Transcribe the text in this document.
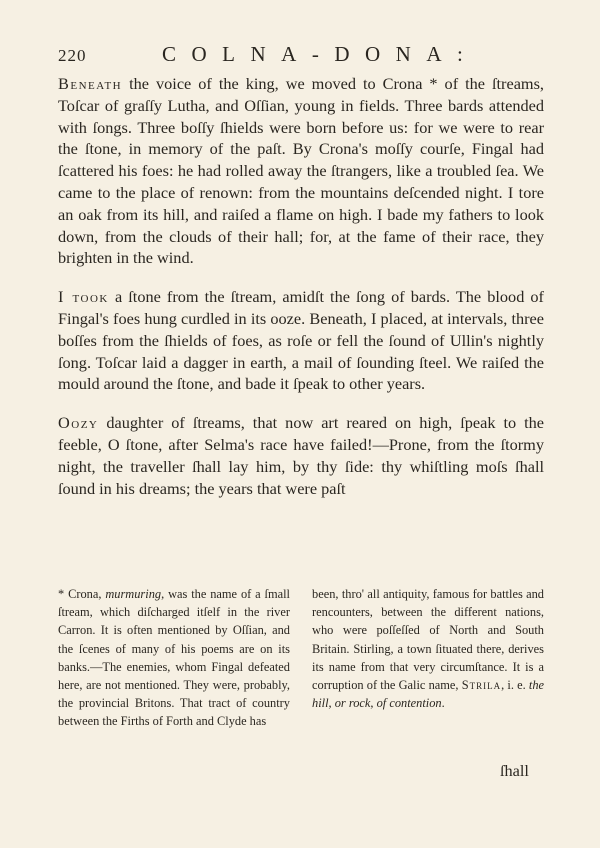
220	COLNA-DONA:

Beneath the voice of the king, we moved to Crona * of the ſtreams, Toſcar of graſſy Lutha, and Oſſian, young in fields. Three bards attended with ſongs. Three boſſy ſhields were born before us: for we were to rear the ſtone, in memory of the paſt. By Crona's moſſy courſe, Fingal had ſcattered his foes: he had rolled away the ſtrangers, like a troubled ſea. We came to the place of renown: from the mountains deſcended night. I tore an oak from its hill, and raiſed a flame on high. I bade my fathers to look down, from the clouds of their hall; for, at the fame of their race, they brighten in the wind.

I took a ſtone from the ſtream, amidſt the ſong of bards. The blood of Fingal's foes hung curdled in its ooze. Beneath, I placed, at intervals, three boſſes from the ſhields of foes, as roſe or fell the ſound of Ullin's nightly ſong. Toſcar laid a dagger in earth, a mail of ſounding ſteel. We raiſed the mould around the ſtone, and bade it ſpeak to other years.

Oozy daughter of ſtreams, that now art reared on high, ſpeak to the feeble, O ſtone, after Selma's race have failed!—Prone, from the ſtormy night, the traveller ſhall lay him, by thy ſide: thy whiſtling moſs ſhall ſound in his dreams; the years that were paſt

* Crona, murmuring, was the name of a ſmall ſtream, which diſcharged itſelf in the river Carron. It is often mentioned by Oſſian, and the ſcenes of many of his poems are on its banks.—The enemies, whom Fingal defeated here, are not mentioned. They were, probably, the provincial Britons. That tract of country between the Firths of Forth and Clyde has

been, thro' all antiquity, famous for battles and rencounters, between the different nations, who were poſſeſſed of North and South Britain. Stirling, a town ſituated there, derives its name from that very circumſtance. It is a corruption of the Galic name, Strila, i. e. the hill, or rock, of contention.

ſhall
